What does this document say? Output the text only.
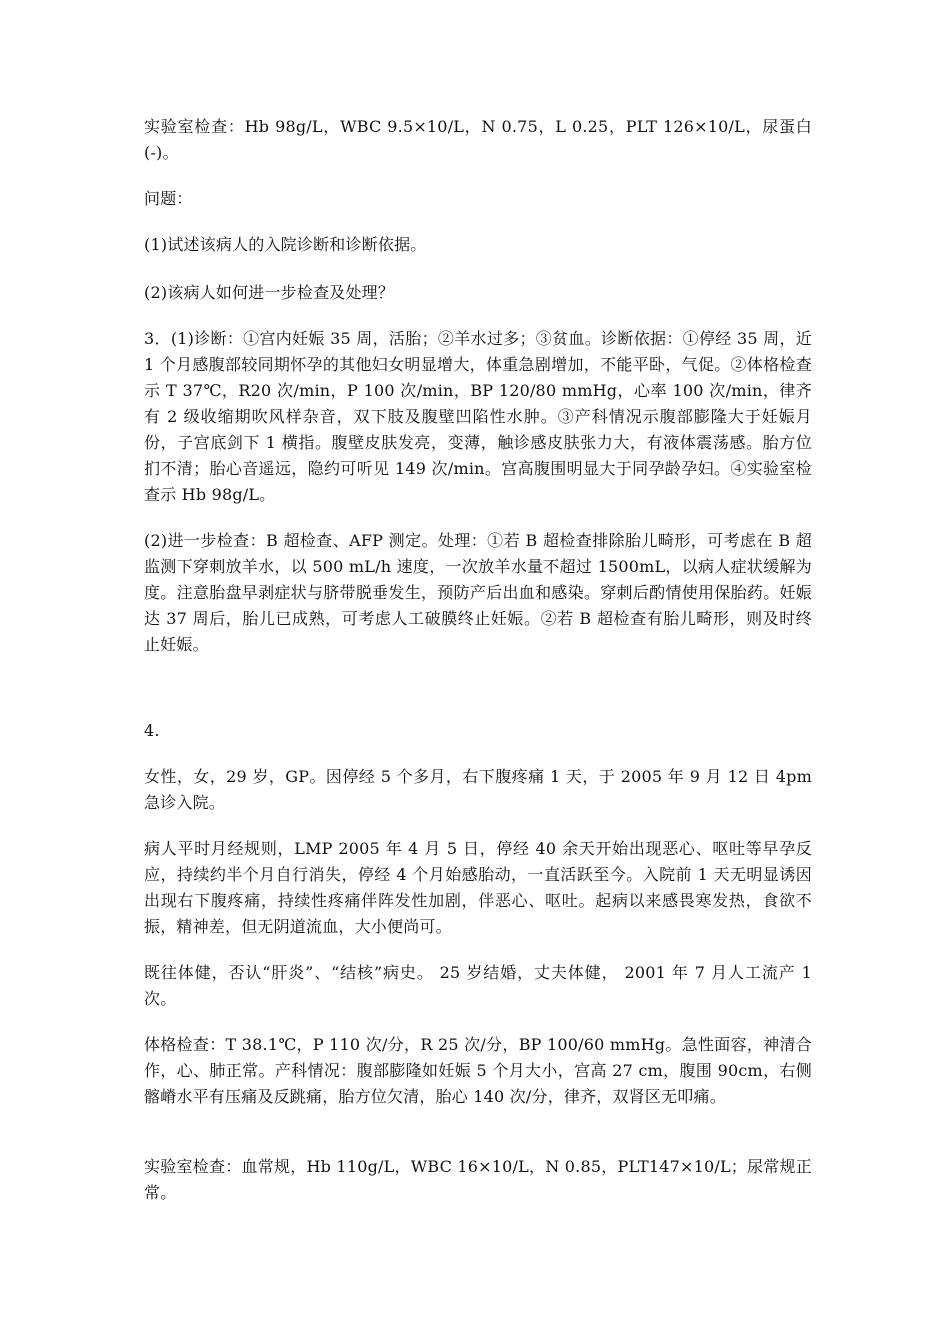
实验室检查：Hb 98g/L，WBC 9.5×10/L，N 0.75，L 0.25，PLT 126×10/L，尿蛋白(-)。

问题：

(1)试述该病人的入院诊断和诊断依据。

(2)该病人如何进一步检查及处理？

3．(1)诊断：①宫内妊娠 35 周，活胎；②羊水过多；③贫血。诊断依据：①停经 35 周，近 1 个月感腹部较同期怀孕的其他妇女明显增大，体重急剧增加，不能平卧，气促。②体格检查示 T 37℃，R20 次/min，P 100 次/min，BP 120/80 mmHg，心率 100 次/min，律齐有 2 级收缩期吹风样杂音，双下肢及腹壁凹陷性水肿。③产科情况示腹部膨隆大于妊娠月份，子宫底剑下 1 横指。腹壁皮肤发亮，变薄，触诊感皮肤张力大，有液体震荡感。胎方位扪不清；胎心音遥远，隐约可听见 149 次/min。宫高腹围明显大于同孕龄孕妇。④实验室检查示 Hb 98g/L。

(2)进一步检查：B 超检查、AFP 测定。处理：①若 B 超检查排除胎儿畸形，可考虑在 B 超监测下穿刺放羊水，以 500 mL/h 速度，一次放羊水量不超过 1500mL，以病人症状缓解为度。注意胎盘早剥症状与脐带脱垂发生，预防产后出血和感染。穿刺后酌情使用保胎药。妊娠达 37 周后，胎儿已成熟，可考虑人工破膜终止妊娠。②若 B 超检查有胎儿畸形，则及时终止妊娠。

4.

女性，女，29 岁，GP。因停经 5 个多月，右下腹疼痛 1 天，于 2005 年 9 月 12 日 4pm 急诊入院。

病人平时月经规则，LMP 2005 年 4 月 5 日，停经 40 余天开始出现恶心、呕吐等早孕反应，持续约半个月自行消失，停经 4 个月始感胎动，一直活跃至今。入院前 1 天无明显诱因出现右下腹疼痛，持续性疼痛伴阵发性加剧，伴恶心、呕吐。起病以来感畏寒发热，食欲不振，精神差，但无阴道流血，大小便尚可。

既往体健，否认“肝炎”、“结核”病史。 25 岁结婚，丈夫体健， 2001 年 7 月人工流产 1 次。

体格检查：T 38.1℃，P 110 次/分，R 25 次/分，BP 100/60 mmHg。急性面容，神清合作，心、肺正常。产科情况：腹部膨隆如妊娠 5 个月大小，宫高 27 cm，腹围 90cm，右侧髂嵴水平有压痛及反跳痛，胎方位欠清，胎心 140 次/分，律齐，双肾区无叩痛。

实验室检查：血常规，Hb 110g/L，WBC 16×10/L，N 0.85，PLT147×10/L；尿常规正常。
